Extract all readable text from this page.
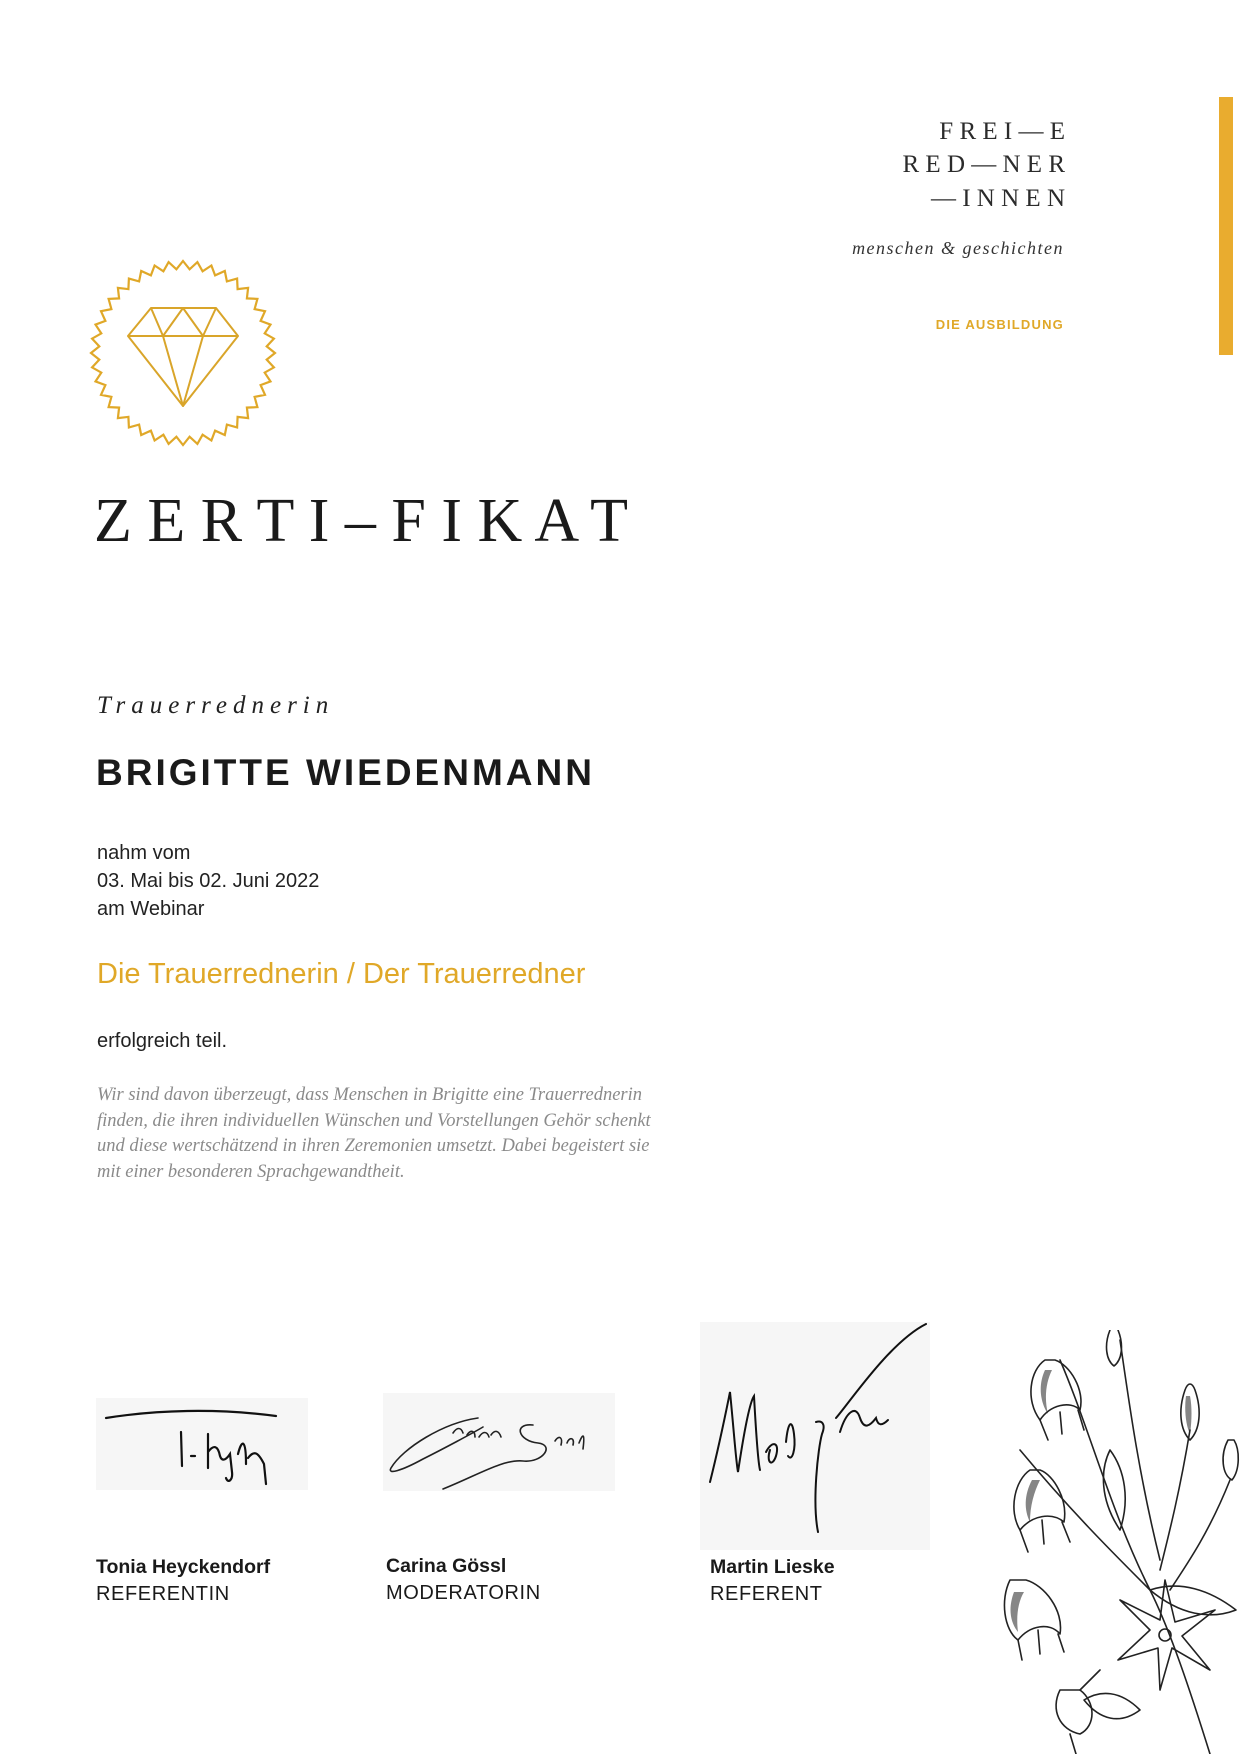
F R E I — E
R E D — N E R
— I N N E N
menschen & geschichten
DIE AUSBILDUNG
Z E R T I – F I K A T
Trauerrednerin
BRIGITTE WIEDENMANN
nahm vom
03. Mai bis 02. Juni 2022
am Webinar
Die Trauerrednerin / Der Trauerredner
erfolgreich teil.
Wir sind davon überzeugt, dass Menschen in Brigitte eine Trauerrednerin finden, die ihren individuellen Wünschen und Vorstellungen Gehör schenkt und diese wertschätzend in ihren Zeremonien umsetzt. Dabei begeistert sie mit einer besonderen Sprachgewandtheit.
Tonia Heyckendorf
REFERENTIN
Carina Gössl
MODERATORIN
Martin Lieske
REFERENT
